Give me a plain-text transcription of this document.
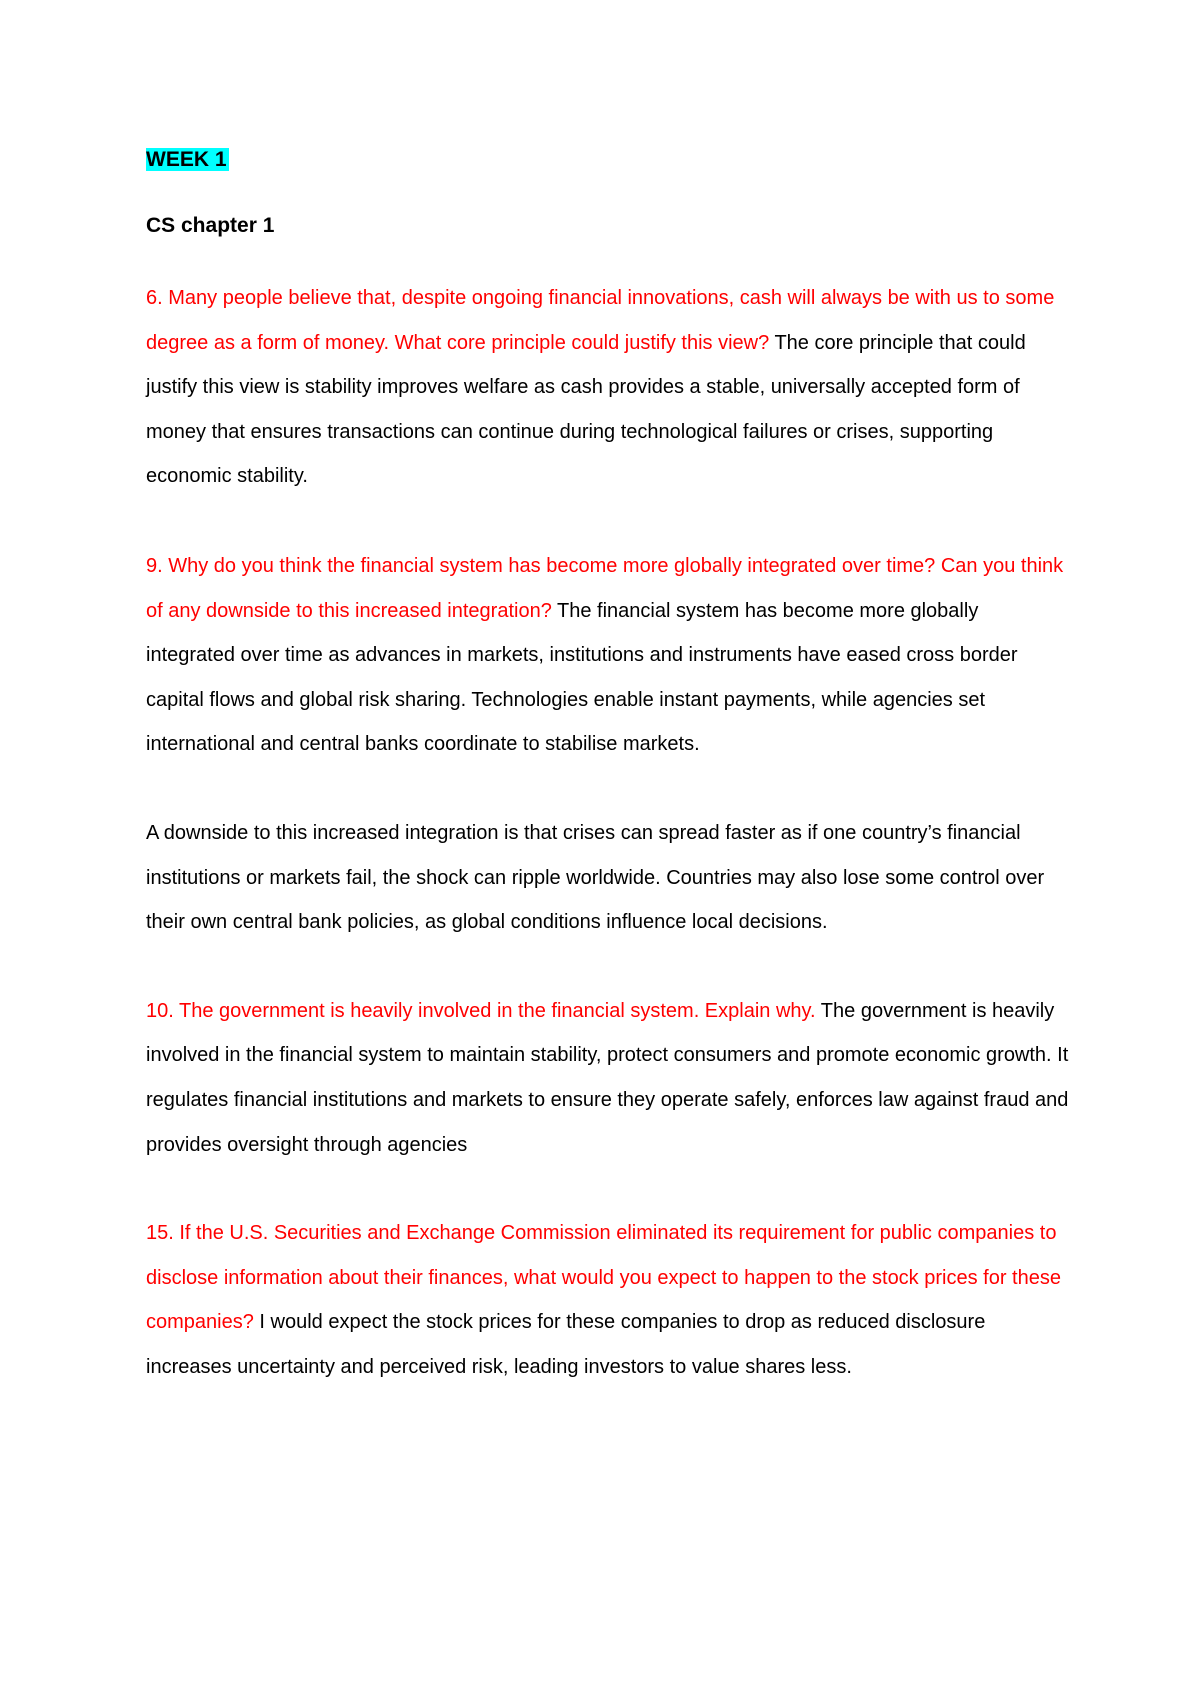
WEEK 1
CS chapter 1

6. Many people believe that, despite ongoing financial innovations, cash will always be with us to some degree as a form of money. What core principle could justify this view? The core principle that could justify this view is stability improves welfare as cash provides a stable, universally accepted form of money that ensures transactions can continue during technological failures or crises, supporting economic stability.

9. Why do you think the financial system has become more globally integrated over time? Can you think of any downside to this increased integration? The financial system has become more globally integrated over time as advances in markets, institutions and instruments have eased cross border capital flows and global risk sharing. Technologies enable instant payments, while agencies set international and central banks coordinate to stabilise markets.

A downside to this increased integration is that crises can spread faster as if one country’s financial institutions or markets fail, the shock can ripple worldwide. Countries may also lose some control over their own central bank policies, as global conditions influence local decisions.

10. The government is heavily involved in the financial system. Explain why. The government is heavily involved in the financial system to maintain stability, protect consumers and promote economic growth. It regulates financial institutions and markets to ensure they operate safely, enforces law against fraud and provides oversight through agencies

15. If the U.S. Securities and Exchange Commission eliminated its requirement for public companies to disclose information about their finances, what would you expect to happen to the stock prices for these companies? I would expect the stock prices for these companies to drop as reduced disclosure increases uncertainty and perceived risk, leading investors to value shares less.
